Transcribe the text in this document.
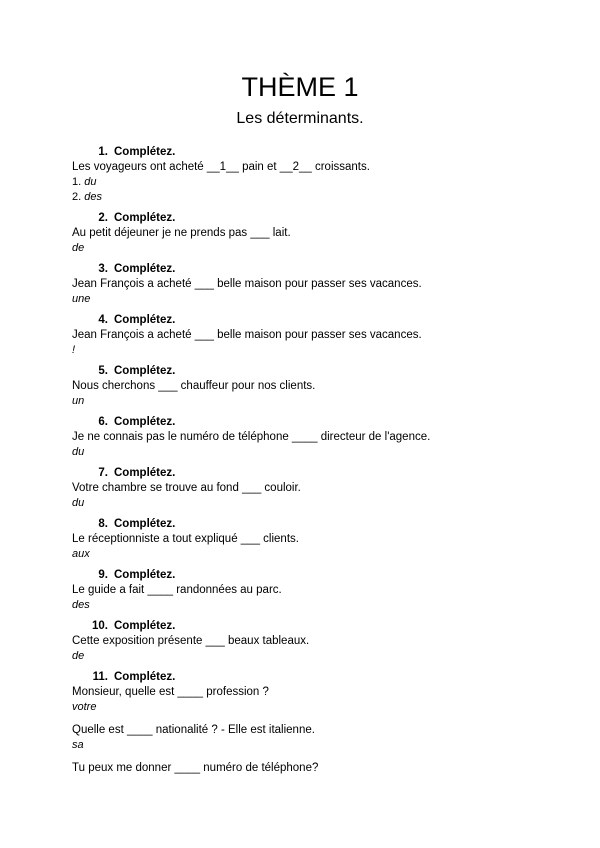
THÈME 1
Les déterminants.
1. Complétez.
Les voyageurs ont acheté __1__ pain et __2__ croissants.
1. du
2. des
2. Complétez.
Au petit déjeuner je ne prends pas ___ lait.
de
3. Complétez.
Jean François a acheté ___ belle maison pour passer ses vacances.
une
4. Complétez.
Jean François a acheté ___ belle maison pour passer ses vacances.
!
5. Complétez.
Nous cherchons ___ chauffeur pour nos clients.
un
6. Complétez.
Je ne connais pas le numéro de téléphone ____ directeur de l'agence.
du
7. Complétez.
Votre chambre se trouve au fond ___ couloir.
du
8. Complétez.
Le réceptionniste a tout expliqué ___ clients.
aux
9. Complétez.
Le guide a fait ____ randonnées au parc.
des
10. Complétez.
Cette exposition présente ___ beaux tableaux.
de
11. Complétez.
Monsieur, quelle est ____ profession ?
votre
Quelle est ____ nationalité ? - Elle est italienne.
sa
Tu peux me donner ____ numéro de téléphone?
